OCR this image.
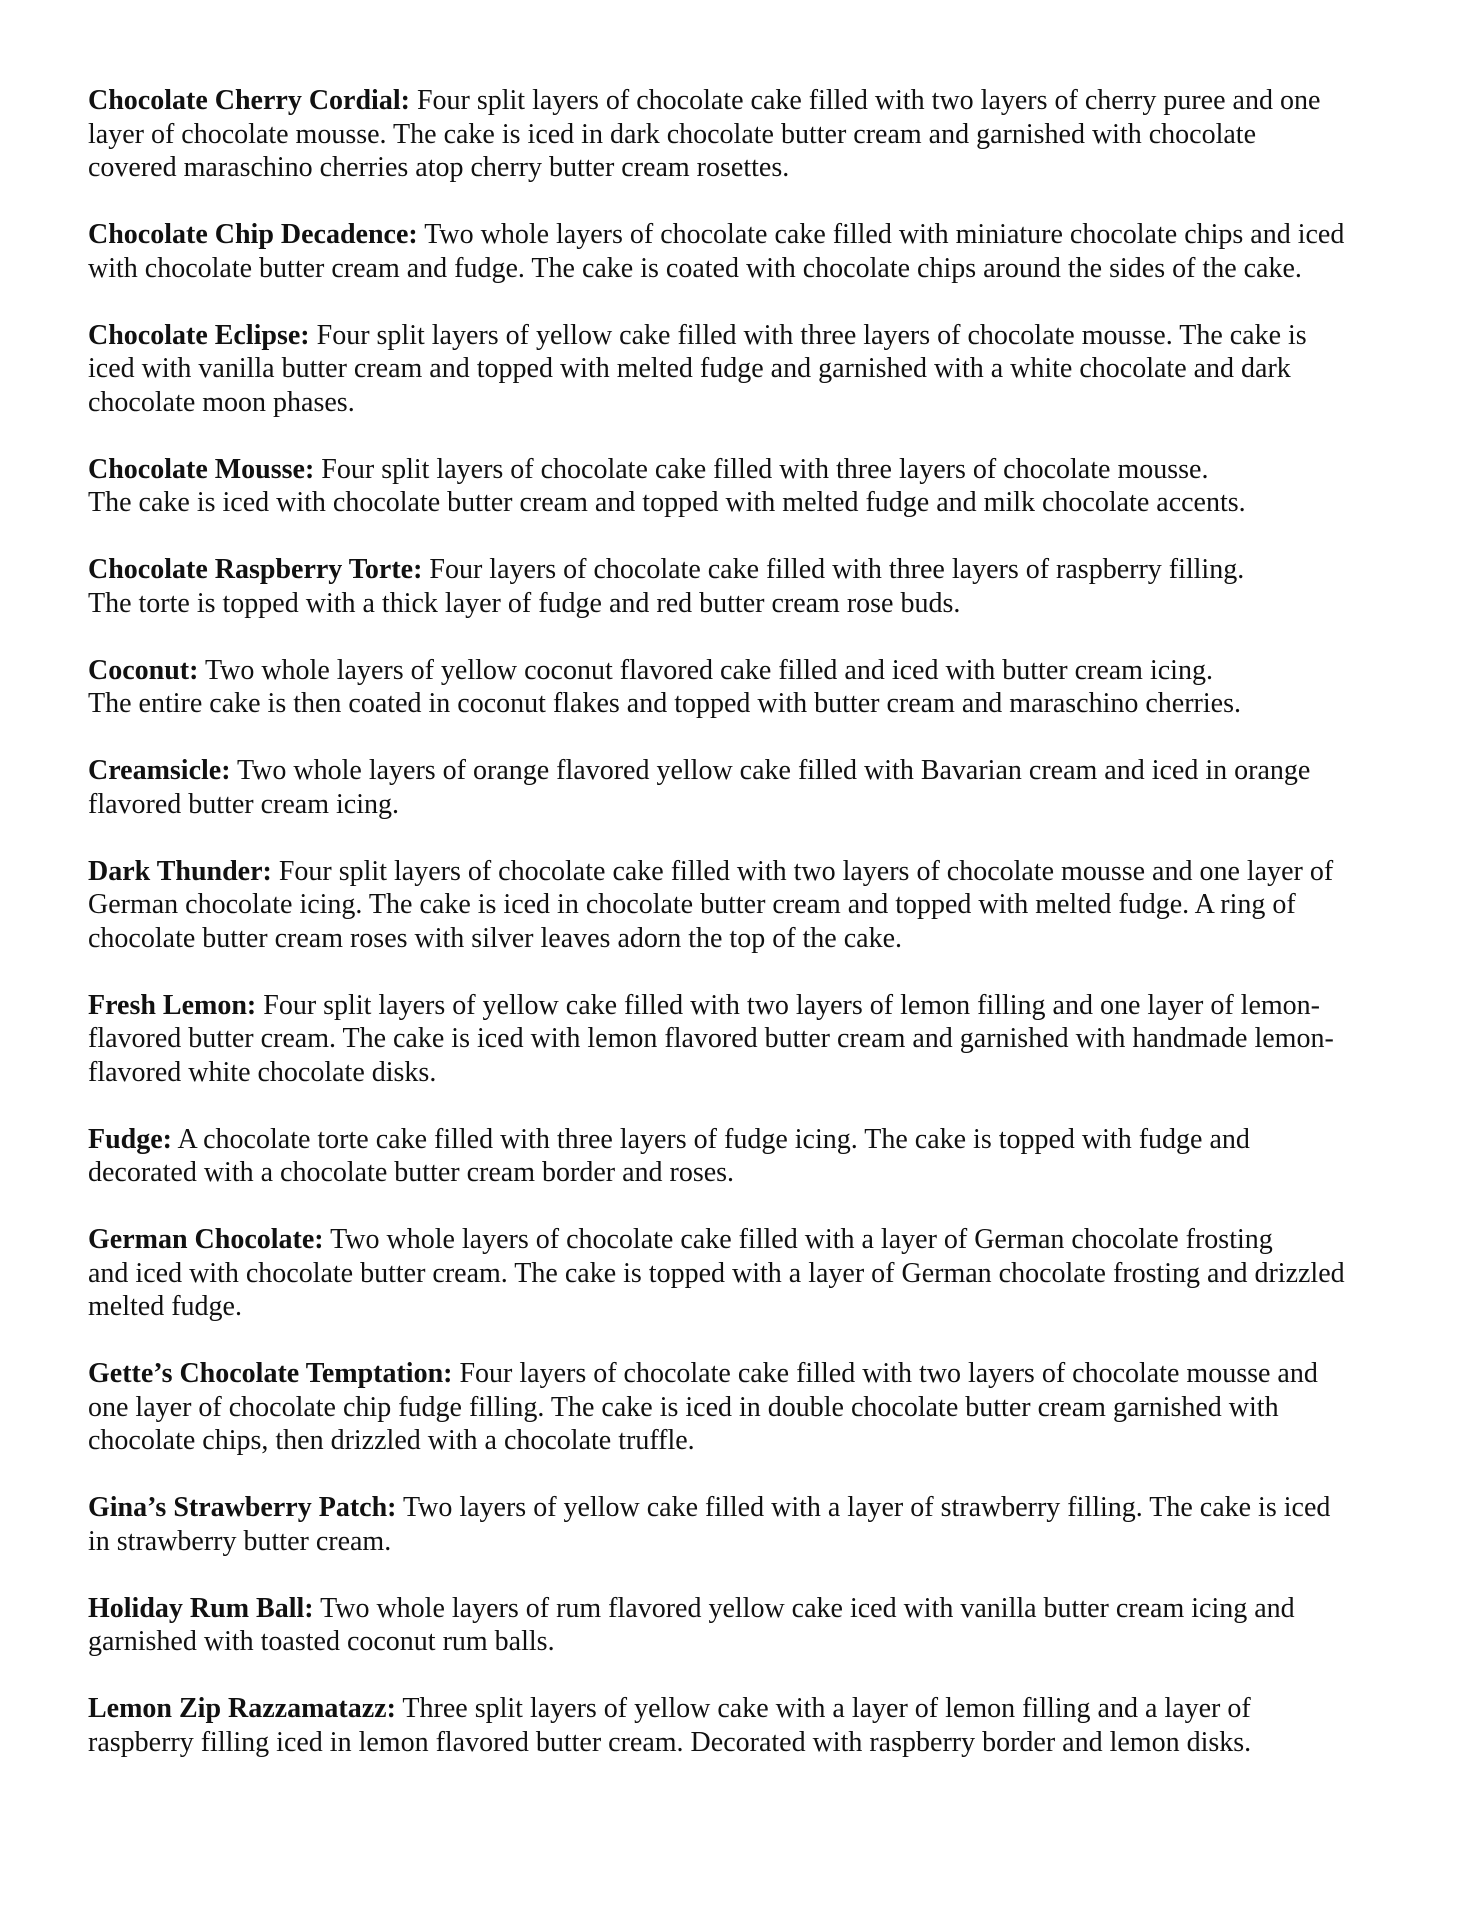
Chocolate Cherry Cordial: Four split layers of chocolate cake filled with two layers of cherry puree and one
layer of chocolate mousse. The cake is iced in dark chocolate butter cream and garnished with chocolate
covered maraschino cherries atop cherry butter cream rosettes.

Chocolate Chip Decadence: Two whole layers of chocolate cake filled with miniature chocolate chips and iced
with chocolate butter cream and fudge. The cake is coated with chocolate chips around the sides of the cake.

Chocolate Eclipse: Four split layers of yellow cake filled with three layers of chocolate mousse. The cake is
iced with vanilla butter cream and topped with melted fudge and garnished with a white chocolate and dark
chocolate moon phases.

Chocolate Mousse: Four split layers of chocolate cake filled with three layers of chocolate mousse.
The cake is iced with chocolate butter cream and topped with melted fudge and milk chocolate accents.

Chocolate Raspberry Torte: Four layers of chocolate cake filled with three layers of raspberry filling.
The torte is topped with a thick layer of fudge and red butter cream rose buds.

Coconut: Two whole layers of yellow coconut flavored cake filled and iced with butter cream icing.
The entire cake is then coated in coconut flakes and topped with butter cream and maraschino cherries.

Creamsicle: Two whole layers of orange flavored yellow cake filled with Bavarian cream and iced in orange
flavored butter cream icing.

Dark Thunder: Four split layers of chocolate cake filled with two layers of chocolate mousse and one layer of
German chocolate icing. The cake is iced in chocolate butter cream and topped with melted fudge. A ring of
chocolate butter cream roses with silver leaves adorn the top of the cake.

Fresh Lemon: Four split layers of yellow cake filled with two layers of lemon filling and one layer of lemon-
flavored butter cream. The cake is iced with lemon flavored butter cream and garnished with handmade lemon-
flavored white chocolate disks.

Fudge: A chocolate torte cake filled with three layers of fudge icing. The cake is topped with fudge and
decorated with a chocolate butter cream border and roses.

German Chocolate: Two whole layers of chocolate cake filled with a layer of German chocolate frosting
and iced with chocolate butter cream. The cake is topped with a layer of German chocolate frosting and drizzled
melted fudge.

Gette’s Chocolate Temptation: Four layers of chocolate cake filled with two layers of chocolate mousse and
one layer of chocolate chip fudge filling. The cake is iced in double chocolate butter cream garnished with
chocolate chips, then drizzled with a chocolate truffle.

Gina’s Strawberry Patch: Two layers of yellow cake filled with a layer of strawberry filling. The cake is iced
in strawberry butter cream.

Holiday Rum Ball: Two whole layers of rum flavored yellow cake iced with vanilla butter cream icing and
garnished with toasted coconut rum balls.

Lemon Zip Razzamatazz: Three split layers of yellow cake with a layer of lemon filling and a layer of
raspberry filling iced in lemon flavored butter cream. Decorated with raspberry border and lemon disks.
